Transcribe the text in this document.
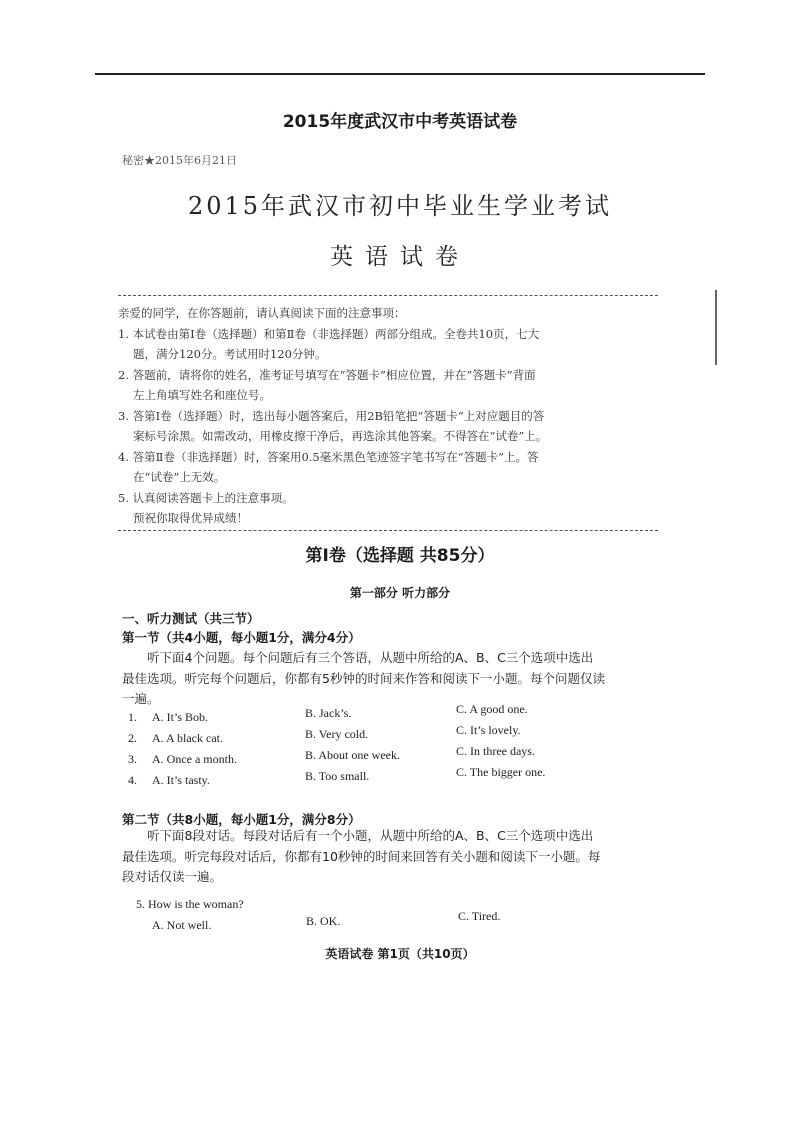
2015年度武汉市中考英语试卷
秘密★2015年6月21日
2015年武汉市初中毕业生学业考试
英语试卷
亲爱的同学，在你答题前，请认真阅读下面的注意事项：
1. 本试卷由第Ⅰ卷（选择题）和第Ⅱ卷（非选择题）两部分组成。全卷共10页，七大
题，满分120分。考试用时120分钟。
2. 答题前，请将你的姓名，准考证号填写在“答题卡”相应位置，并在“答题卡”背面
左上角填写姓名和座位号。
3. 答第Ⅰ卷（选择题）时，选出每小题答案后，用2B铅笔把“答题卡”上对应题目的答
案标号涂黑。如需改动，用橡皮擦干净后，再选涂其他答案。不得答在“试卷”上。
4. 答第Ⅱ卷（非选择题）时，答案用0.5毫米黑色笔迹签字笔书写在“答题卡”上。答
在“试卷”上无效。
5. 认真阅读答题卡上的注意事项。
预祝你取得优异成绩！
第Ⅰ卷（选择题 共85分）
第一部分 听力部分
一、听力测试（共三节）
第一节（共4小题，每小题1分，满分4分）
听下面4个问题。每个问题后有三个答语，从题中所给的A、B、C三个选项中选出
最佳选项。听完每个问题后，你都有5秒钟的时间来作答和阅读下一小题。每个问题仅读
一遍。
1. A. It’s Bob.	B. Jack’s.	C. A good one.
2. A. A black cat.	B. Very cold.	C. It’s lovely.
3. A. Once a month.	B. About one week.	C. In three days.
4. A. It’s tasty.	B. Too small.	C. The bigger one.
第二节（共8小题，每小题1分，满分8分）
听下面8段对话。每段对话后有一个小题，从题中所给的A、B、C三个选项中选出
最佳选项。听完每段对话后，你都有10秒钟的时间来回答有关小题和阅读下一小题。每
段对话仅读一遍。
5. How is the woman?
A. Not well.	B. OK.	C. Tired.
英语试卷 第1页（共10页）
